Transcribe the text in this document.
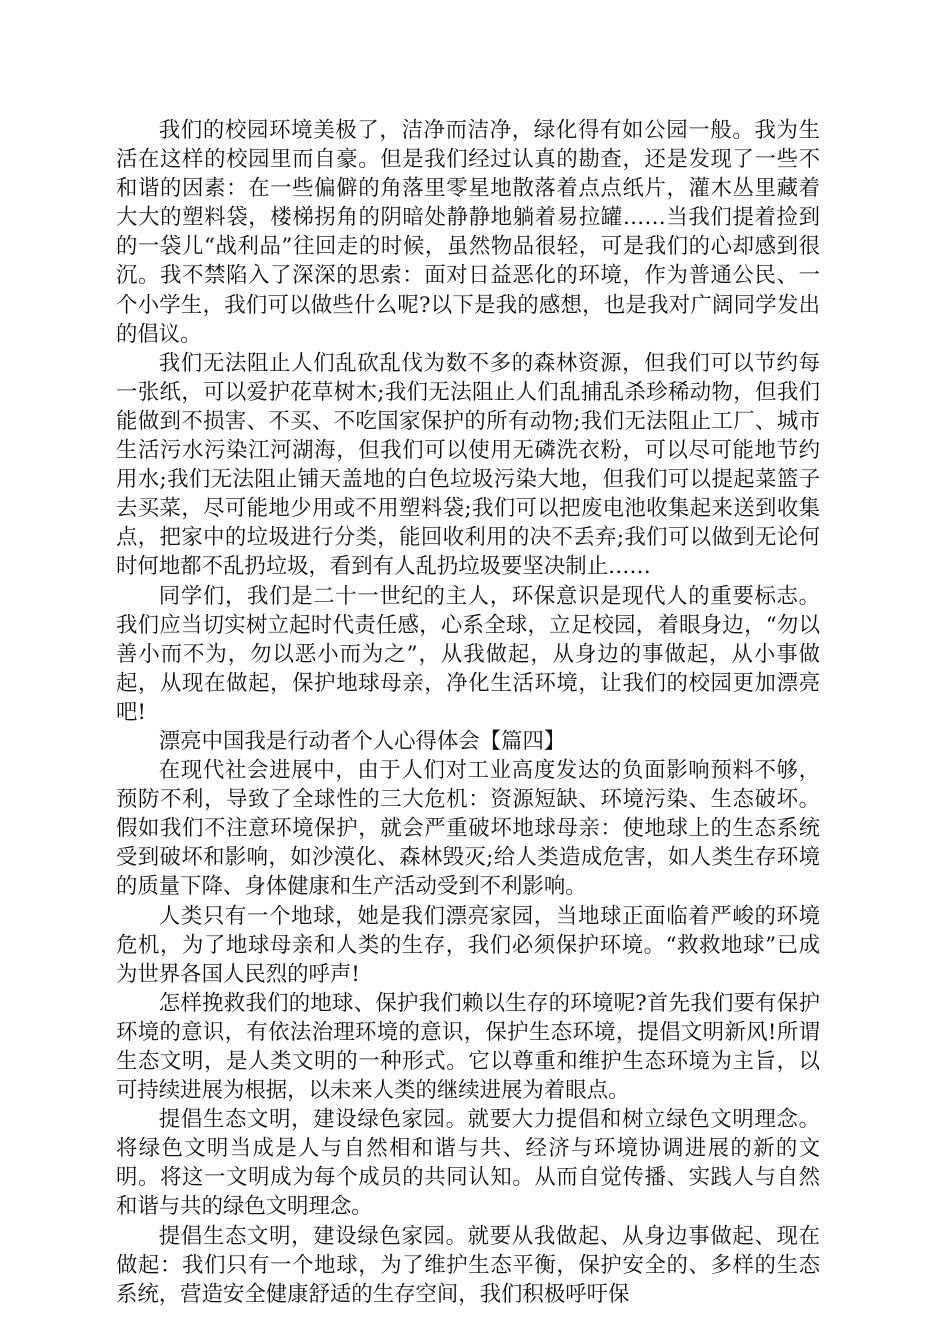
我们的校园环境美极了，洁净而洁净，绿化得有如公园一般。我为生活在这样的校园里而自豪。但是我们经过认真的勘查，还是发现了一些不和谐的因素：在一些偏僻的角落里零星地散落着点点纸片，灌木丛里藏着大大的塑料袋，楼梯拐角的阴暗处静静地躺着易拉罐……当我们提着捡到的一袋儿“战利品”往回走的时候，虽然物品很轻，可是我们的心却感到很沉。我不禁陷入了深深的思索：面对日益恶化的环境，作为普通公民、一个小学生，我们可以做些什么呢?以下是我的感想，也是我对广阔同学发出的倡议。

我们无法阻止人们乱砍乱伐为数不多的森林资源，但我们可以节约每一张纸，可以爱护花草树木;我们无法阻止人们乱捕乱杀珍稀动物，但我们能做到不损害、不买、不吃国家保护的所有动物;我们无法阻止工厂、城市生活污水污染江河湖海，但我们可以使用无磷洗衣粉，可以尽可能地节约用水;我们无法阻止铺天盖地的白色垃圾污染大地，但我们可以提起菜篮子去买菜，尽可能地少用或不用塑料袋;我们可以把废电池收集起来送到收集点，把家中的垃圾进行分类，能回收利用的决不丢弃;我们可以做到无论何时何地都不乱扔垃圾，看到有人乱扔垃圾要坚决制止……

同学们，我们是二十一世纪的主人，环保意识是现代人的重要标志。我们应当切实树立起时代责任感，心系全球，立足校园，着眼身边，“勿以善小而不为，勿以恶小而为之”，从我做起，从身边的事做起，从小事做起，从现在做起，保护地球母亲，净化生活环境，让我们的校园更加漂亮吧!

漂亮中国我是行动者个人心得体会【篇四】

在现代社会进展中，由于人们对工业高度发达的负面影响预料不够，预防不利，导致了全球性的三大危机：资源短缺、环境污染、生态破坏。假如我们不注意环境保护，就会严重破坏地球母亲：使地球上的生态系统受到破坏和影响，如沙漠化、森林毁灭;给人类造成危害，如人类生存环境的质量下降、身体健康和生产活动受到不利影响。

人类只有一个地球，她是我们漂亮家园，当地球正面临着严峻的环境危机，为了地球母亲和人类的生存，我们必须保护环境。“救救地球”已成为世界各国人民烈的呼声!

怎样挽救我们的地球、保护我们赖以生存的环境呢?首先我们要有保护环境的意识，有依法治理环境的意识，保护生态环境，提倡文明新风!所谓生态文明，是人类文明的一种形式。它以尊重和维护生态环境为主旨，以可持续进展为根据，以未来人类的继续进展为着眼点。

提倡生态文明，建设绿色家园。就要大力提倡和树立绿色文明理念。将绿色文明当成是人与自然相和谐与共、经济与环境协调进展的新的文明。将这一文明成为每个成员的共同认知。从而自觉传播、实践人与自然和谐与共的绿色文明理念。

提倡生态文明，建设绿色家园。就要从我做起、从身边事做起、现在做起：我们只有一个地球，为了维护生态平衡，保护安全的、多样的生态系统，营造安全健康舒适的生存空间，我们积极呼吁保
